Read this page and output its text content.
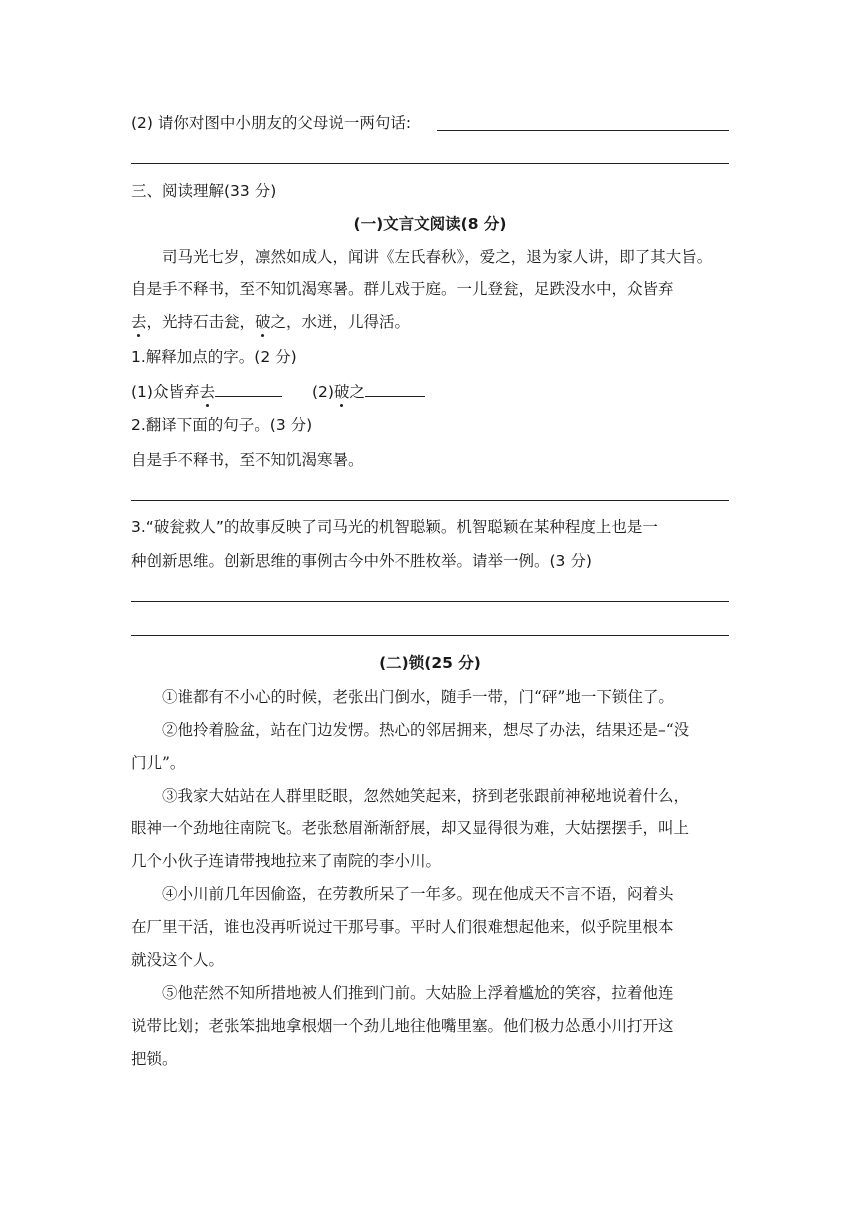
(2) 请你对图中小朋友的父母说一两句话:
三、阅读理解(33 分)
(一)文言文阅读(8 分)
司马光七岁，凛然如成人，闻讲《左氏春秋》，爱之，退为家人讲，即了其大旨。
自是手不释书，至不知饥渴寒暑。群儿戏于庭。一儿登瓮，足跌没水中，众皆弃
去，光持石击瓮，破之，水迸，儿得活。
1.解释加点的字。(2 分)
(1)众皆弃去	(2)破之
2.翻译下面的句子。(3 分)
自是手不释书，至不知饥渴寒暑。
3.“破瓮救人”的故事反映了司马光的机智聪颖。机智聪颖在某种程度上也是一
种创新思维。创新思维的事例古今中外不胜枚举。请举一例。(3 分)
(二)锁(25 分)
①谁都有不小心的时候，老张出门倒水，随手一带，门“砰”地一下锁住了。
②他拎着脸盆，站在门边发愣。热心的邻居拥来，想尽了办法，结果还是–“没
门儿”。
③我家大姑站在人群里眨眼，忽然她笑起来，挤到老张跟前神秘地说着什么，
眼神一个劲地往南院飞。老张愁眉渐渐舒展，却又显得很为难，大姑摆摆手，叫上
几个小伙子连请带拽地拉来了南院的李小川。
④小川前几年因偷盗，在劳教所呆了一年多。现在他成天不言不语，闷着头
在厂里干活，谁也没再听说过干那号事。平时人们很难想起他来，似乎院里根本
就没这个人。
⑤他茫然不知所措地被人们推到门前。大姑脸上浮着尴尬的笑容，拉着他连
说带比划；老张笨拙地拿根烟一个劲儿地往他嘴里塞。他们极力怂恿小川打开这
把锁。
